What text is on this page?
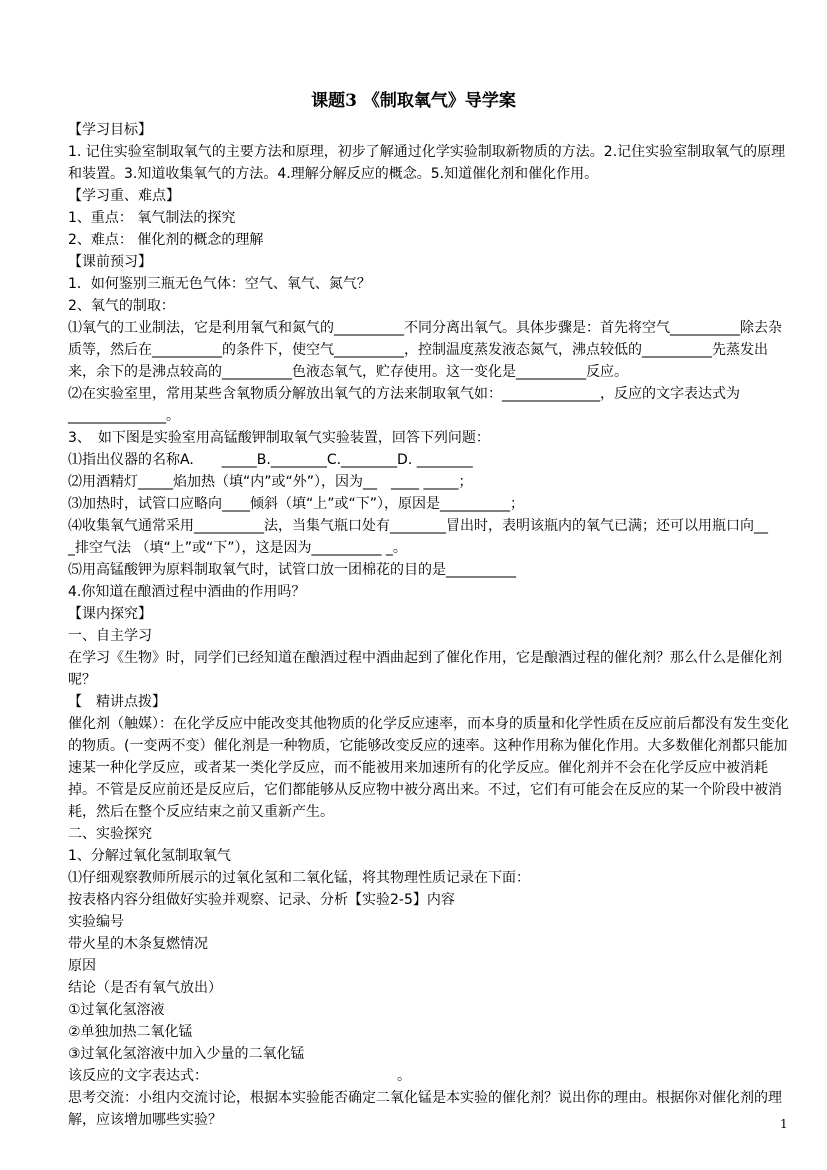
课题3 《制取氧气》导学案
【学习目标】
1. 记住实验室制取氧气的主要方法和原理，初步了解通过化学实验制取新物质的方法。2.记住实验室制取氧气的原理和装置。3.知道收集氧气的方法。4.理解分解反应的概念。5.知道催化剂和催化作用。
【学习重、难点】
1、重点： 氧气制法的探究
2、难点： 催化剂的概念的理解
【课前预习】
1．如何鉴别三瓶无色气体：空气、氧气、氮气？
2、氧气的制取：
⑴氧气的工业制法，它是利用氧气和氮气的__________不同分离出氧气。具体步骤是：首先将空气__________除去杂质等，然后在__________的条件下，使空气__________，控制温度蒸发液态氮气，沸点较低的__________先蒸发出来，余下的是沸点较高的__________色液态氧气，贮存使用。这一变化是__________反应。
⑵在实验室里，常用某些含氧物质分解放出氧气的方法来制取氧气如：______________，反应的文字表达式为______________。
3、　如下图是实验室用高锰酸钾制取氧气实验装置，回答下列问题：
⑴指出仪器的名称A.　　_____B.________C.________D. ________
⑵用酒精灯_____焰加热（填“内”或“外”），因为__　____ _____；
⑶加热时，试管口应略向____倾斜（填“上”或“下”），原因是__________；
⑷收集氧气通常采用__________法，当集气瓶口处有________冒出时，表明该瓶内的氧气已满；还可以用瓶口向__　 _排空气法 （填“上”或“下”），这是因为__________ _。
⑸用高锰酸钾为原料制取氧气时，试管口放一团棉花的目的是__________
4.你知道在酿酒过程中酒曲的作用吗？
【课内探究】
一、自主学习
在学习《生物》时，同学们已经知道在酿酒过程中酒曲起到了催化作用，它是酿酒过程的催化剂？那么什么是催化剂呢？
【　精讲点拨】
催化剂（触媒）：在化学反应中能改变其他物质的化学反应速率，而本身的质量和化学性质在反应前后都没有发生变化的物质。(一变两不变）催化剂是一种物质，它能够改变反应的速率。这种作用称为催化作用。大多数催化剂都只能加速某一种化学反应，或者某一类化学反应，而不能被用来加速所有的化学反应。催化剂并不会在化学反应中被消耗掉。不管是反应前还是反应后，它们都能够从反应物中被分离出来。不过，它们有可能会在反应的某一个阶段中被消耗，然后在整个反应结束之前又重新产生。
二、实验探究
1、分解过氧化氢制取氧气
⑴仔细观察教师所展示的过氧化氢和二氧化锰，将其物理性质记录在下面：
按表格内容分组做好实验并观察、记录、分析【实验2-5】内容
实验编号
带火星的木条复燃情况
原因
结论（是否有氧气放出）
①过氧化氢溶液
②单独加热二氧化锰
③过氧化氢溶液中加入少量的二氧化锰
该反应的文字表达式：　　　　　　　　　　　　　　。
思考交流：小组内交流讨论，根据本实验能否确定二氧化锰是本实验的催化剂？说出你的理由。根据你对催化剂的理解，应该增加哪些实验？	1
